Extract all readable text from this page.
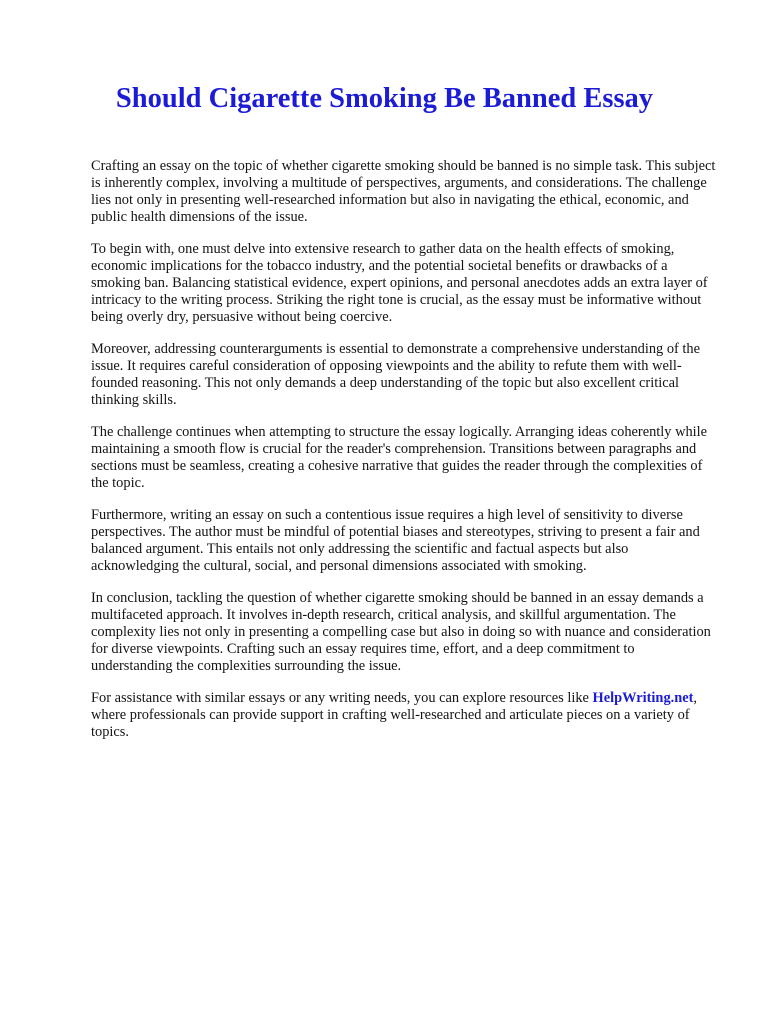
Should Cigarette Smoking Be Banned Essay

Crafting an essay on the topic of whether cigarette smoking should be banned is no simple task. This subject is inherently complex, involving a multitude of perspectives, arguments, and considerations. The challenge lies not only in presenting well-researched information but also in navigating the ethical, economic, and public health dimensions of the issue.

To begin with, one must delve into extensive research to gather data on the health effects of smoking, economic implications for the tobacco industry, and the potential societal benefits or drawbacks of a smoking ban. Balancing statistical evidence, expert opinions, and personal anecdotes adds an extra layer of intricacy to the writing process. Striking the right tone is crucial, as the essay must be informative without being overly dry, persuasive without being coercive.

Moreover, addressing counterarguments is essential to demonstrate a comprehensive understanding of the issue. It requires careful consideration of opposing viewpoints and the ability to refute them with well-founded reasoning. This not only demands a deep understanding of the topic but also excellent critical thinking skills.

The challenge continues when attempting to structure the essay logically. Arranging ideas coherently while maintaining a smooth flow is crucial for the reader's comprehension. Transitions between paragraphs and sections must be seamless, creating a cohesive narrative that guides the reader through the complexities of the topic.

Furthermore, writing an essay on such a contentious issue requires a high level of sensitivity to diverse perspectives. The author must be mindful of potential biases and stereotypes, striving to present a fair and balanced argument. This entails not only addressing the scientific and factual aspects but also acknowledging the cultural, social, and personal dimensions associated with smoking.

In conclusion, tackling the question of whether cigarette smoking should be banned in an essay demands a multifaceted approach. It involves in-depth research, critical analysis, and skillful argumentation. The complexity lies not only in presenting a compelling case but also in doing so with nuance and consideration for diverse viewpoints. Crafting such an essay requires time, effort, and a deep commitment to understanding the complexities surrounding the issue.

For assistance with similar essays or any writing needs, you can explore resources like HelpWriting.net, where professionals can provide support in crafting well-researched and articulate pieces on a variety of topics.
